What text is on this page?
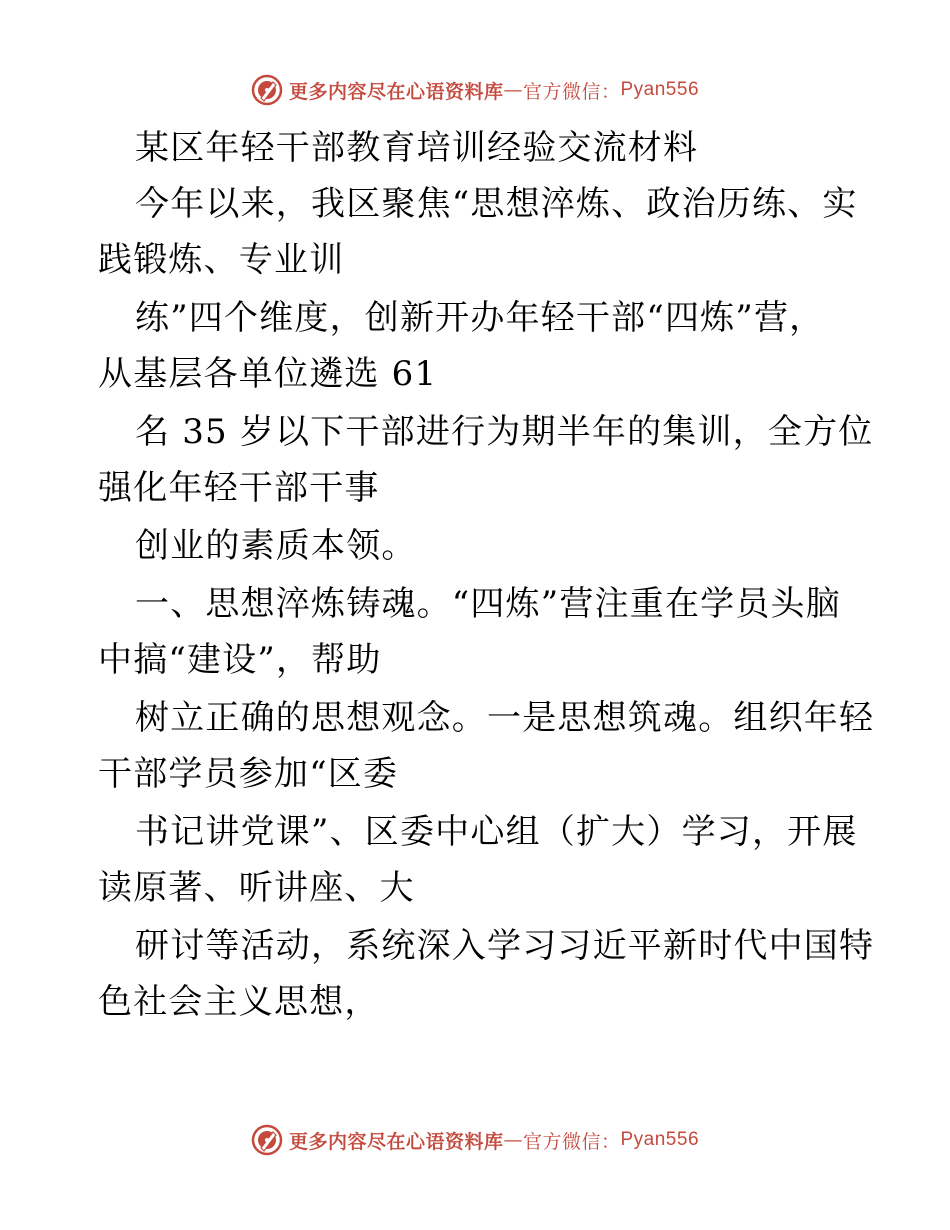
更多内容尽在心语资料库 — 官方微信： Pyan556
某区年轻干部教育培训经验交流材料
今年以来，我区聚焦“思想淬炼、政治历练、实
践锻炼、专业训
练”四个维度，创新开办年轻干部“四炼”营，
从基层各单位遴选 61
名 35 岁以下干部进行为期半年的集训，全方位
强化年轻干部干事
创业的素质本领。
一、思想淬炼铸魂。“四炼”营注重在学员头脑
中搞“建设”，帮助
树立正确的思想观念。一是思想筑魂。组织年轻
干部学员参加“区委
书记讲党课”、区委中心组（扩大）学习，开展
读原著、听讲座、大
研讨等活动，系统深入学习习近平新时代中国特
色社会主义思想，
更多内容尽在心语资料库 — 官方微信： Pyan556
